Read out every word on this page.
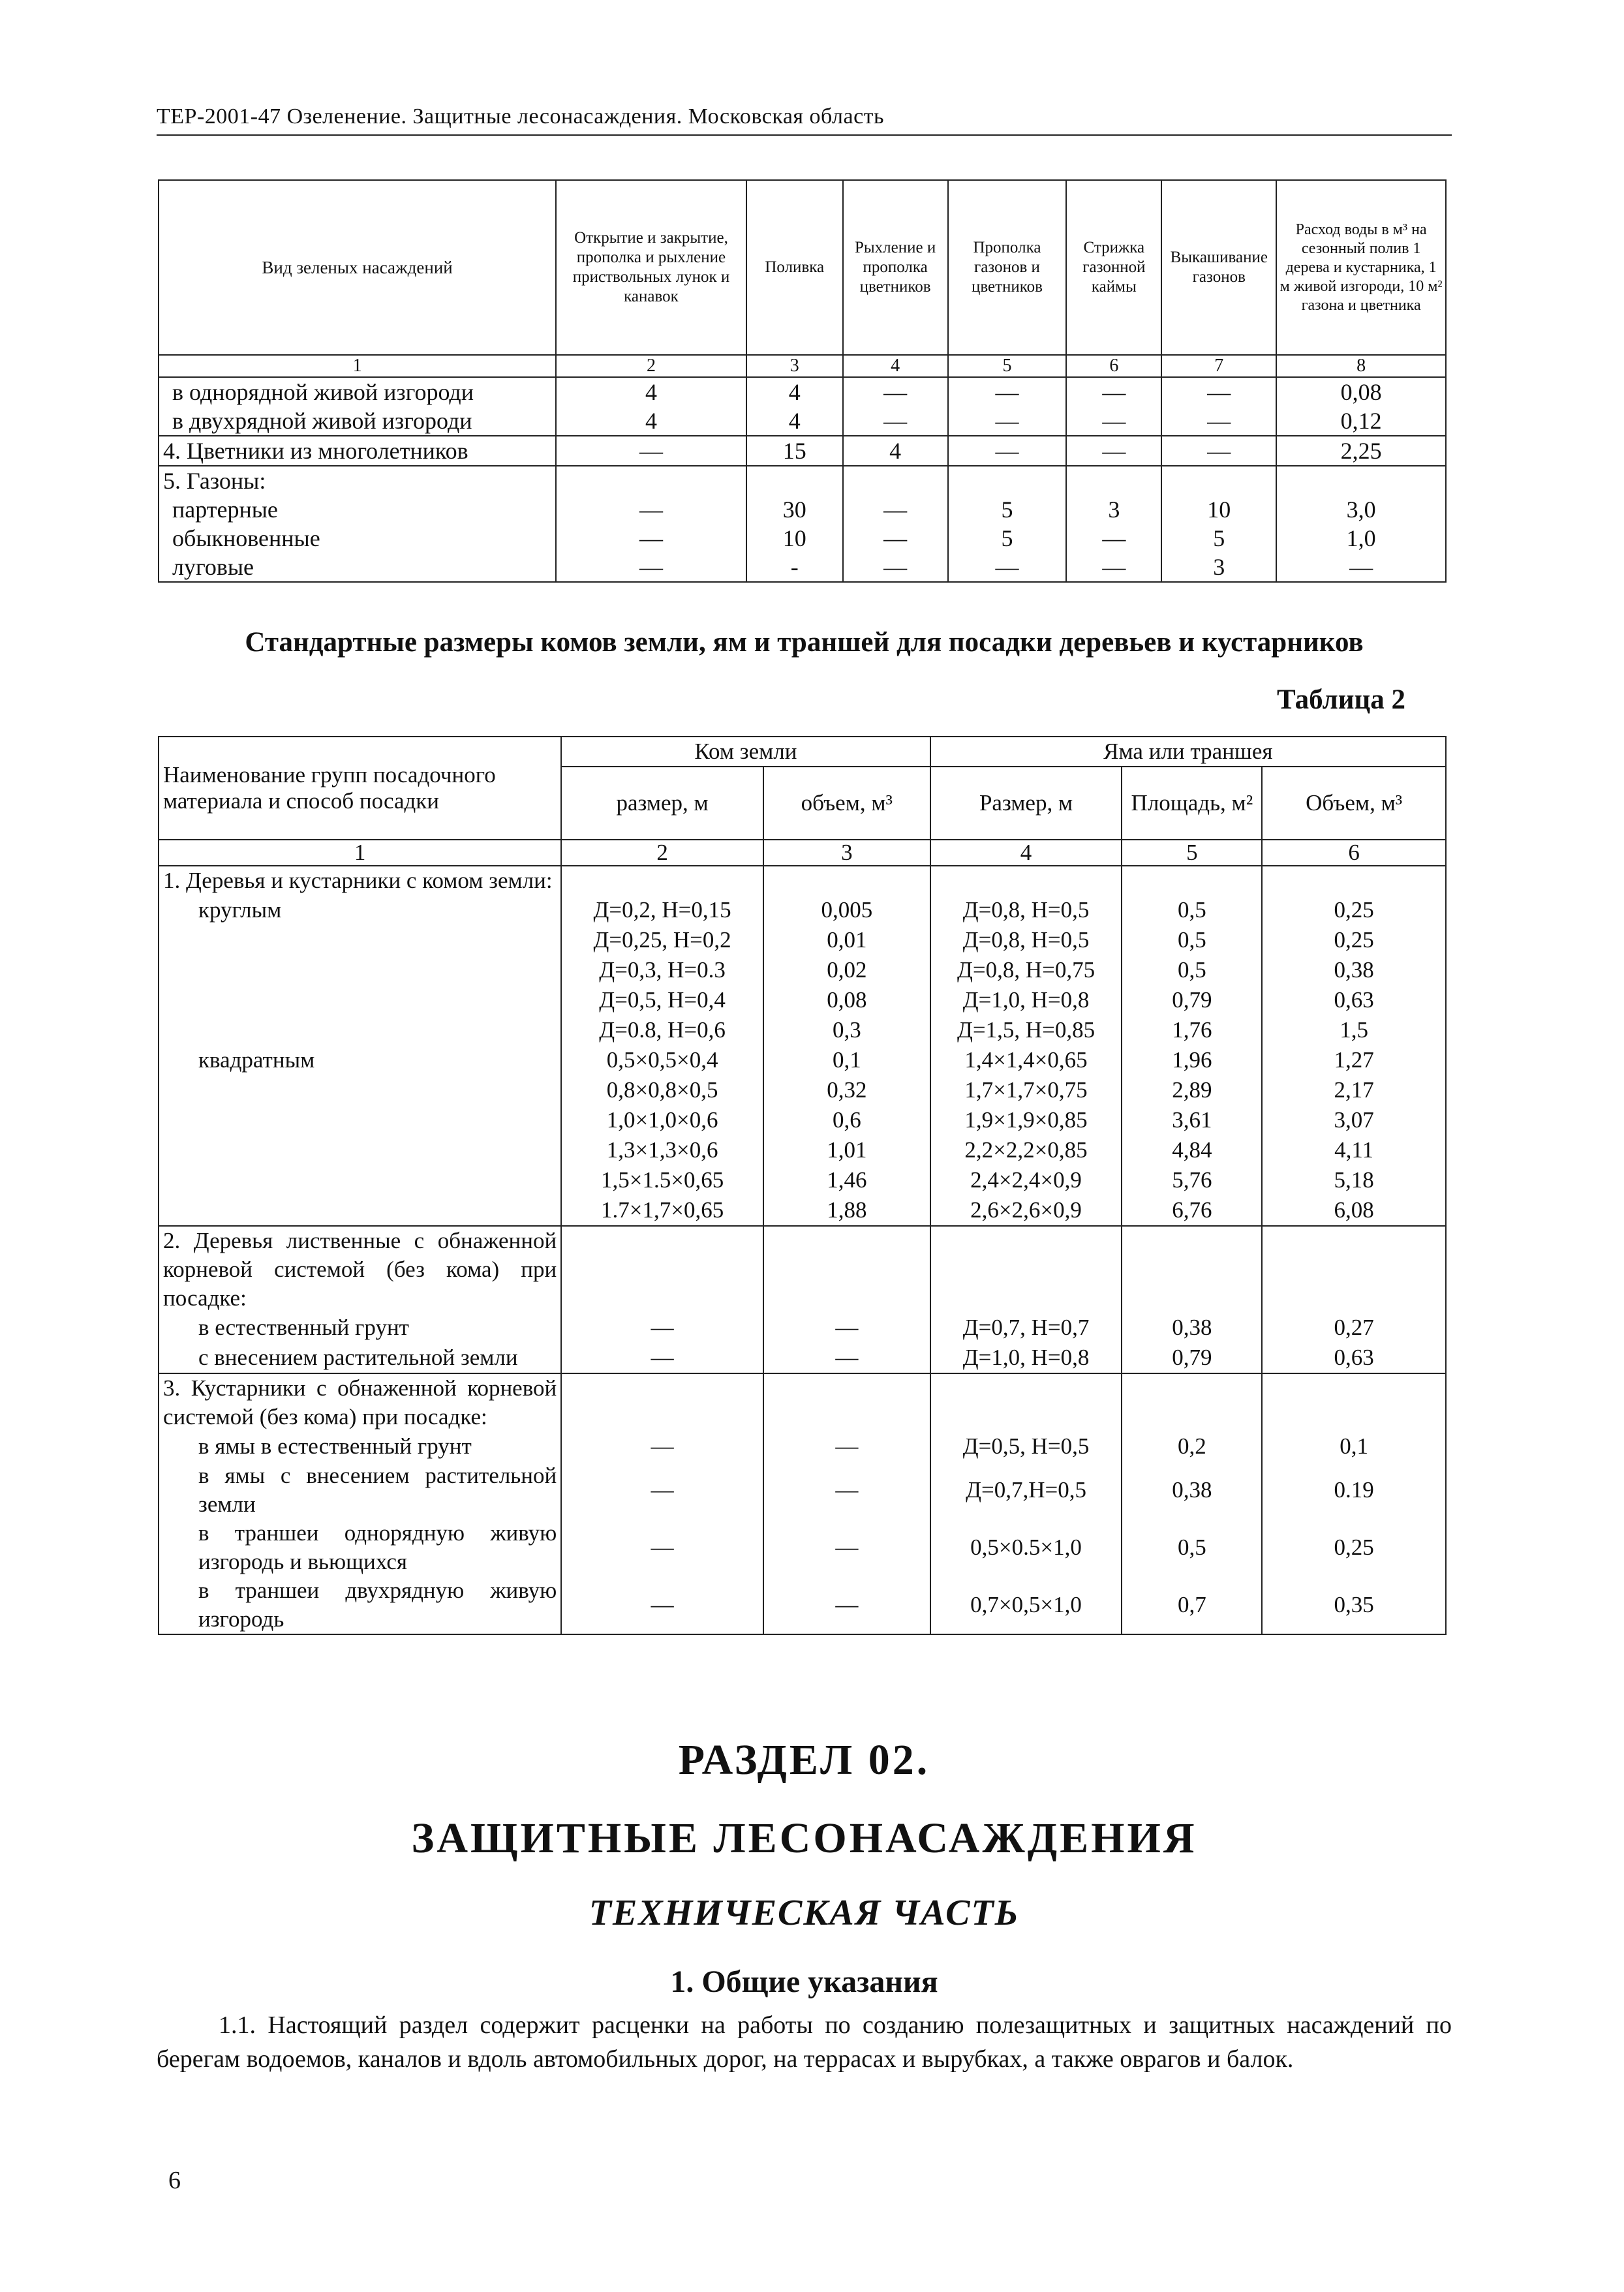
ТЕР-2001-47 Озеленение. Защитные лесонасаждения. Московская область
Вид зеленых насаждений	Открытие и закрытие, прополка и рыхление приствольных лунок и канавок	Поливка	Рыхление и прополка цветников	Прополка газонов и цветников	Стрижка газонной каймы	Выкашивание газонов	Расход воды в м³ на сезонный полив 1 дерева и кустарника, 1 м живой изгороди, 10 м² газона и цветника
1	2	3	4	5	6	7	8
в однорядной живой изгороди	4	4	—	—	—	—	0,08
в двухрядной живой изгороди	4	4	—	—	—	—	0,12
4. Цветники из многолетников	—	15	4	—	—	—	2,25
5. Газоны:							
партерные	—	30	—	5	3	10	3,0
обыкновенные	—	10	—	5	—	5	1,0
луговые	—	-	—	—	—	3	—
Стандартные размеры комов земли, ям и траншей для посадки деревьев и кустарников
Таблица 2
Наименование групп посадочного материала и способ посадки	Ком земли		Яма или траншея		
	размер, м	объем, м³	Размер, м	Площадь, м²	Объем, м³
1	2	3	4	5	6
1. Деревья и кустарники с комом земли:					
круглым	Д=0,2, Н=0,15	0,005	Д=0,8, Н=0,5	0,5	0,25
	Д=0,25, Н=0,2	0,01	Д=0,8, Н=0,5	0,5	0,25
	Д=0,3, Н=0.3	0,02	Д=0,8, Н=0,75	0,5	0,38
	Д=0,5, Н=0,4	0,08	Д=1,0, Н=0,8	0,79	0,63
	Д=0.8, Н=0,6	0,3	Д=1,5, Н=0,85	1,76	1,5
квадратным	0,5×0,5×0,4	0,1	1,4×1,4×0,65	1,96	1,27
	0,8×0,8×0,5	0,32	1,7×1,7×0,75	2,89	2,17
	1,0×1,0×0,6	0,6	1,9×1,9×0,85	3,61	3,07
	1,3×1,3×0,6	1,01	2,2×2,2×0,85	4,84	4,11
	1,5×1.5×0,65	1,46	2,4×2,4×0,9	5,76	5,18
	1.7×1,7×0,65	1,88	2,6×2,6×0,9	6,76	6,08
2. Деревья лиственные с обнаженной корневой системой (без кома) при посадке:					
в естественный грунт	—	—	Д=0,7, Н=0,7	0,38	0,27
с внесением растительной земли	—	—	Д=1,0, Н=0,8	0,79	0,63
3. Кустарники с обнаженной корневой системой (без кома) при посадке:					
в ямы в естественный грунт	—	—	Д=0,5, Н=0,5	0,2	0,1
в ямы с внесением растительной земли	—	—	Д=0,7,Н=0,5	0,38	0.19
в траншеи однорядную живую изгородь и вьющихся	—	—	0,5×0.5×1,0	0,5	0,25
в траншеи двухрядную живую изгородь	—	—	0,7×0,5×1,0	0,7	0,35
РАЗДЕЛ 02.
ЗАЩИТНЫЕ ЛЕСОНАСАЖДЕНИЯ
ТЕХНИЧЕСКАЯ ЧАСТЬ
1. Общие указания
1.1. Настоящий раздел содержит расценки на работы по созданию полезащитных и защитных насаждений по берегам водоемов, каналов и вдоль автомобильных дорог, на террасах и вырубках, а также оврагов и балок.
6
